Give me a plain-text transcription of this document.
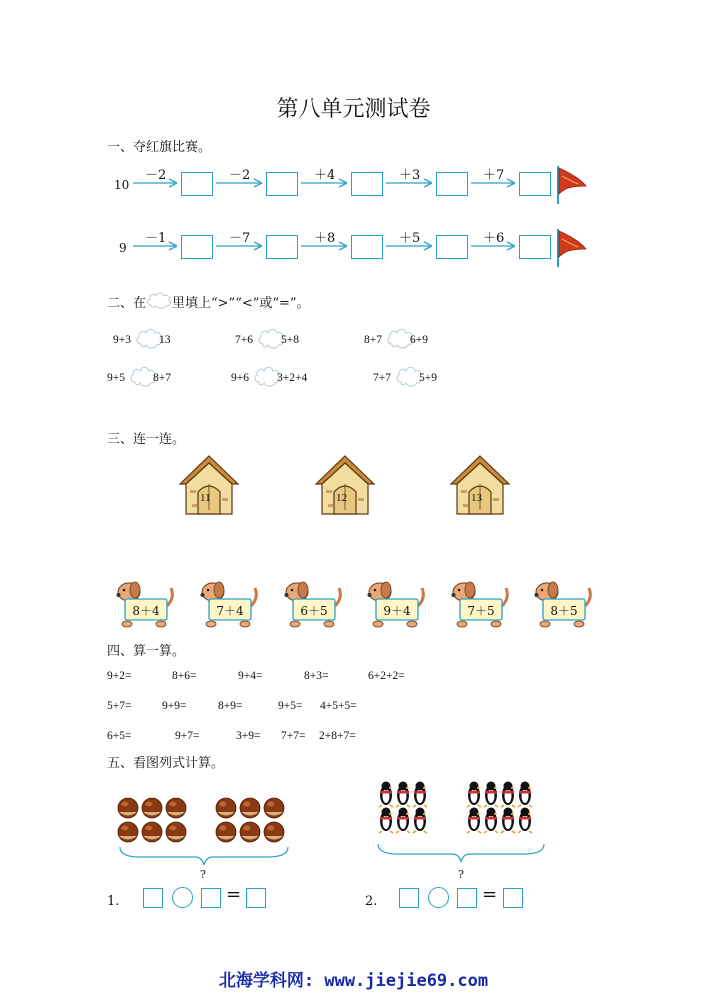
第八单元测试卷
一、夺红旗比赛。
10
－2	－2	＋4	＋3	＋7
9
－1	－7	＋8	＋5	＋6
二、在 里填上“>”“<”或“=”。
9+3 13	7+6 5+8	8+7 6+9
9+5 8+7	9+6 3+2+4	7+7 5+9
三、连一连。
11	12	13
8＋4	7＋4	6＋5	9＋4	7＋5	8＋5
四、算一算。
9+2=	8+6=	9+4=	8+3=	6+2+2=
5+7=	9+9=	8+9=	9+5= 4+5+5=
6+5=	9+7=	3+9= 7+7= 2+8+7=
五、看图列式计算。
?	?
1.	=	2.	=
北海学科网: www.jiejie69.com
